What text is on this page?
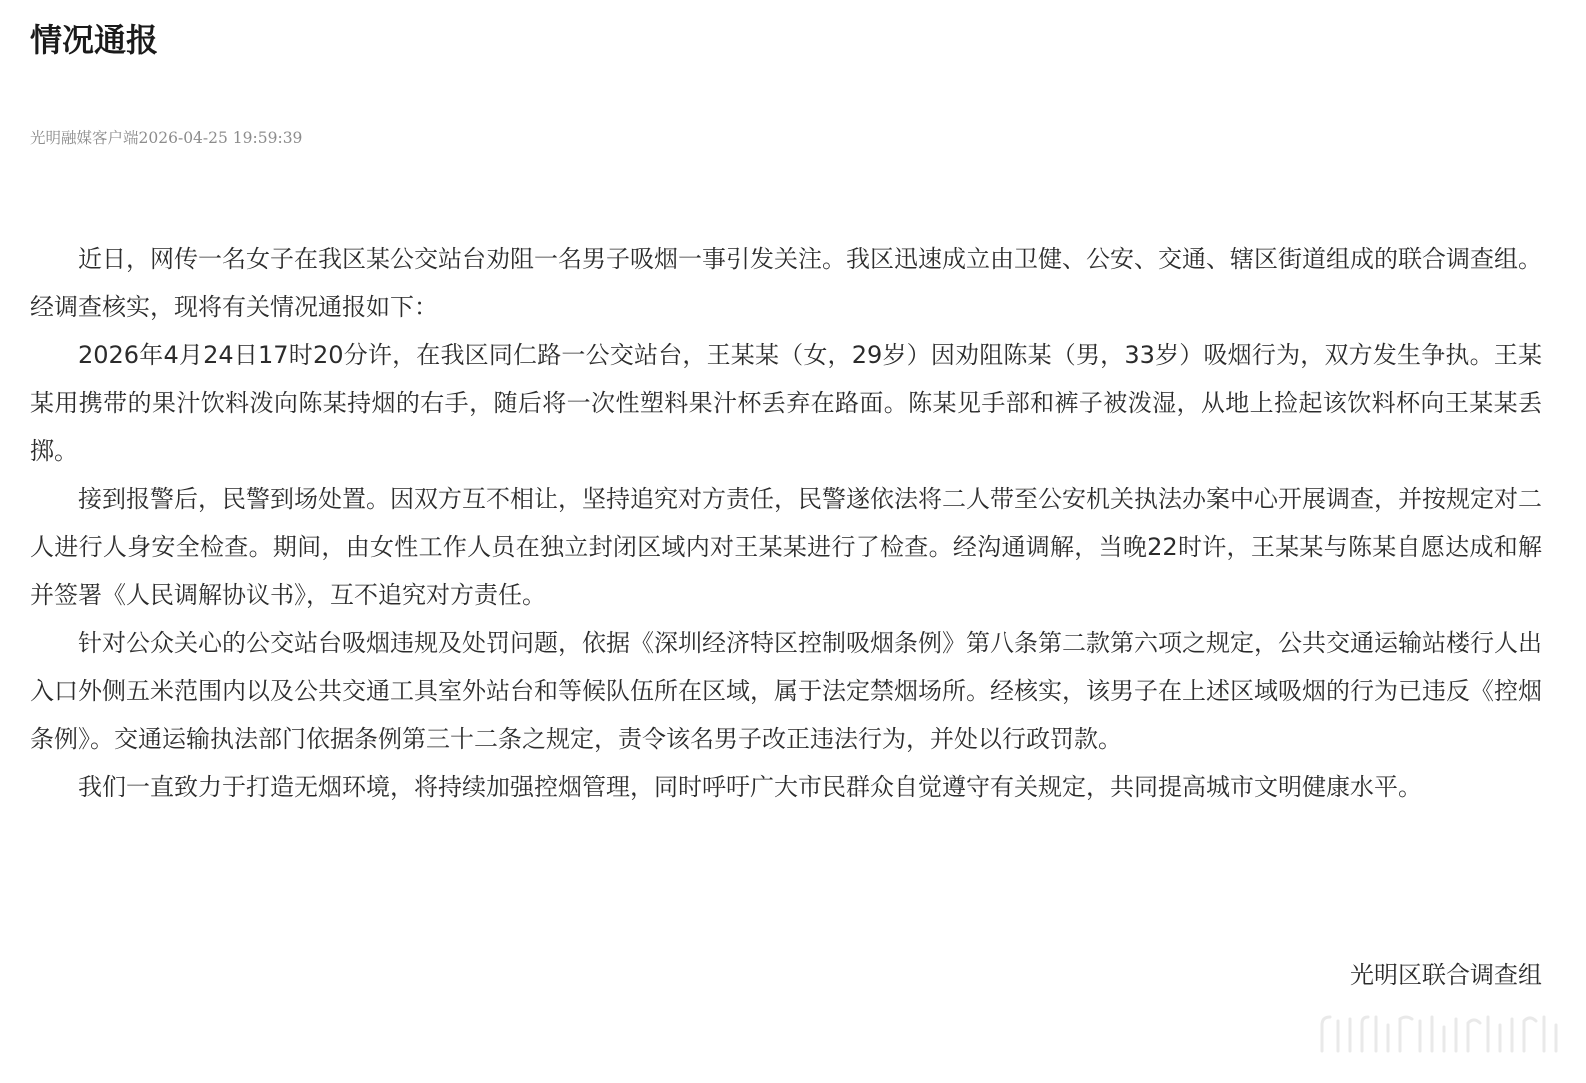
情况通报
光明融媒客户端2026-04-25 19:59:39

近日，网传一名女子在我区某公交站台劝阻一名男子吸烟一事引发关注。我区迅速成立由卫健、公安、交通、辖区街道组成的联合调查组。经调查核实，现将有关情况通报如下：

2026年4月24日17时20分许，在我区同仁路一公交站台，王某某（女，29岁）因劝阻陈某（男，33岁）吸烟行为，双方发生争执。王某某用携带的果汁饮料泼向陈某持烟的右手，随后将一次性塑料果汁杯丢弃在路面。陈某见手部和裤子被泼湿，从地上捡起该饮料杯向王某某丢掷。

接到报警后，民警到场处置。因双方互不相让，坚持追究对方责任，民警遂依法将二人带至公安机关执法办案中心开展调查，并按规定对二人进行人身安全检查。期间，由女性工作人员在独立封闭区域内对王某某进行了检查。经沟通调解，当晚22时许，王某某与陈某自愿达成和解并签署《人民调解协议书》，互不追究对方责任。

针对公众关心的公交站台吸烟违规及处罚问题，依据《深圳经济特区控制吸烟条例》第八条第二款第六项之规定，公共交通运输站楼行人出入口外侧五米范围内以及公共交通工具室外站台和等候队伍所在区域，属于法定禁烟场所。经核实，该男子在上述区域吸烟的行为已违反《控烟条例》。交通运输执法部门依据条例第三十二条之规定，责令该名男子改正违法行为，并处以行政罚款。

我们一直致力于打造无烟环境，将持续加强控烟管理，同时呼吁广大市民群众自觉遵守有关规定，共同提高城市文明健康水平。

光明区联合调查组
